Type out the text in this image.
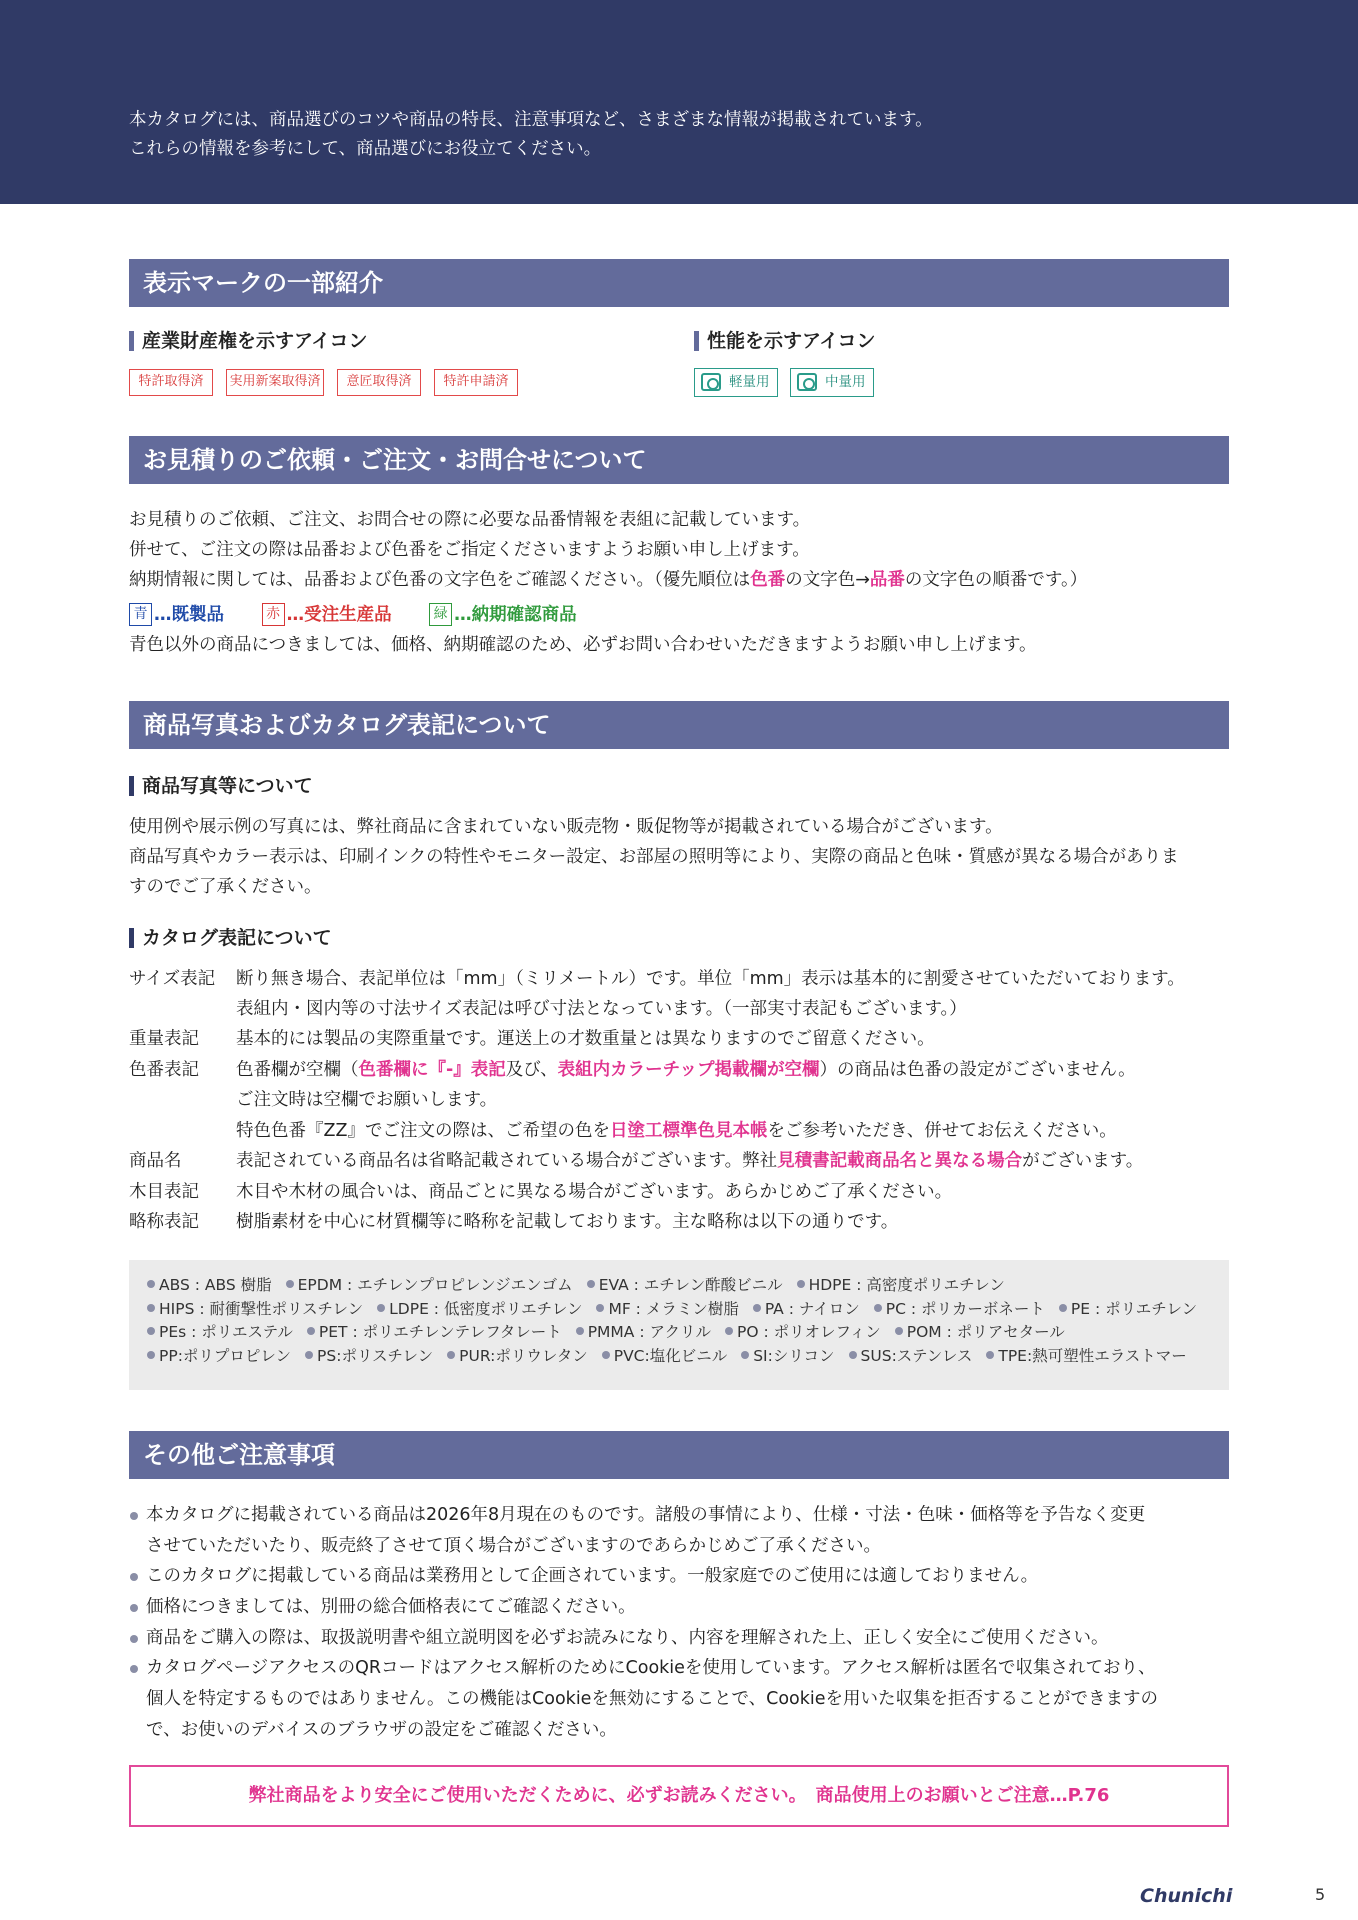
本カタログには、商品選びのコツや商品の特長、注意事項など、さまざまな情報が掲載されています。

これらの情報を参考にして、商品選びにお役立てください。

表示マークの一部紹介
産業財産権を示すアイコン	性能を示すアイコン
特許取得済	実用新案取得済	意匠取得済	特許申請済	軽量用	中量用
お見積りのご依頼・ご注文・お問合せについて
お見積りのご依頼、ご注文、お問合せの際に必要な品番情報を表組に記載しています。
併せて、ご注文の際は品番および色番をご指定くださいますようお願い申し上げます。
納期情報に関しては、品番および色番の文字色をご確認ください。（優先順位は色番の文字色→品番の文字色の順番です。）
青 …既製品	赤 …受注生産品	緑 …納期確認商品
青色以外の商品につきましては、価格、納期確認のため、必ずお問い合わせいただきますようお願い申し上げます。
商品写真およびカタログ表記について
商品写真等について
使用例や展示例の写真には、弊社商品に含まれていない販売物・販促物等が掲載されている場合がございます。
商品写真やカラー表示は、印刷インクの特性やモニター設定、お部屋の照明等により、実際の商品と色味・質感が異なる場合がありま
すのでご了承ください。
カタログ表記について
サイズ表記 断り無き場合、表記単位は「mm」（ミリメートル）です。単位「mm」表示は基本的に割愛させていただいております。
表組内・図内等の寸法サイズ表記は呼び寸法となっています。（一部実寸表記もございます。）
重量表記 基本的には製品の実際重量です。運送上の才数重量とは異なりますのでご留意ください。
色番表記 色番欄が空欄（色番欄に『-』表記及び、表組内カラーチップ掲載欄が空欄）の商品は色番の設定がございません。
ご注文時は空欄でお願いします。
特色色番『ZZ』でご注文の際は、ご希望の色を日塗工標準色見本帳をご参考いただき、併せてお伝えください。
商品名	表記されている商品名は省略記載されている場合がございます。弊社見積書記載商品名と異なる場合がございます。
木目表記 木目や木材の風合いは、商品ごとに異なる場合がございます。あらかじめご了承ください。
略称表記 樹脂素材を中心に材質欄等に略称を記載しております。主な略称は以下の通りです。
ABS : ABS 樹脂 EPDM : エチレンプロピレンジエンゴム EVA : エチレン酢酸ビニル HDPE : 高密度ポリエチレン
HIPS : 耐衝撃性ポリスチレン LDPE : 低密度ポリエチレン MF : メラミン樹脂 PA : ナイロン PC : ポリカーボネート PE : ポリエチレン
PEs : ポリエステル PET : ポリエチレンテレフタレート PMMA : アクリル PO : ポリオレフィン POM : ポリアセタール
PP:ポリプロピレン PS:ポリスチレン PUR:ポリウレタン PVC:塩化ビニル SI:シリコン SUS:ステンレス TPE:熱可塑性エラストマー
その他ご注意事項
本カタログに掲載されている商品は2026年8月現在のものです。諸般の事情により、仕様・寸法・色味・価格等を予告なく変更
させていただいたり、販売終了させて頂く場合がございますのであらかじめご了承ください。
このカタログに掲載している商品は業務用として企画されています。一般家庭でのご使用には適しておりません。
価格につきましては、別冊の総合価格表にてご確認ください。
商品をご購入の際は、取扱説明書や組立説明図を必ずお読みになり、内容を理解された上、正しく安全にご使用ください。
カタログページアクセスのQRコードはアクセス解析のためにCookieを使用しています。アクセス解析は匿名で収集されており、
個人を特定するものではありません。この機能はCookieを無効にすることで、Cookieを用いた収集を拒否することができますの
で、お使いのデバイスのブラウザの設定をご確認ください。
弊社商品をより安全にご使用いただくために、必ずお読みください。　商品使用上のお願いとご注意…P.76
Chunichi	5
